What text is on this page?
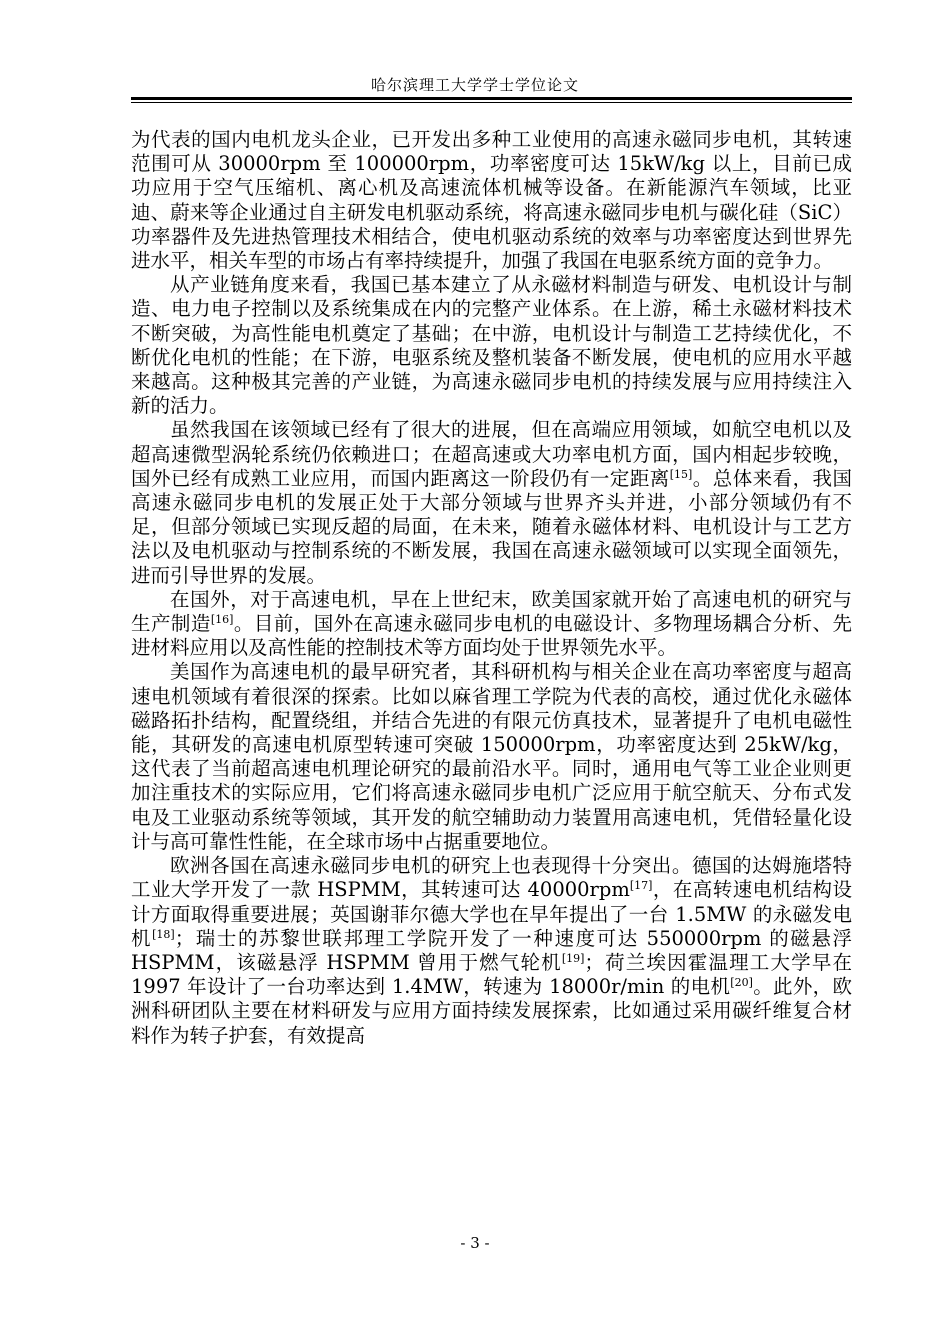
哈尔滨理工大学学士学位论文

为代表的国内电机龙头企业，已开发出多种工业使用的高速永磁同步电机，其转速范围可从 30000rpm 至 100000rpm，功率密度可达 15kW/kg 以上，目前已成功应用于空气压缩机、离心机及高速流体机械等设备。在新能源汽车领域，比亚迪、蔚来等企业通过自主研发电机驱动系统，将高速永磁同步电机与碳化硅（SiC）功率器件及先进热管理技术相结合，使电机驱动系统的效率与功率密度达到世界先进水平，相关车型的市场占有率持续提升，加强了我国在电驱系统方面的竞争力。

从产业链角度来看，我国已基本建立了从永磁材料制造与研发、电机设计与制造、电力电子控制以及系统集成在内的完整产业体系。在上游，稀土永磁材料技术不断突破，为高性能电机奠定了基础；在中游，电机设计与制造工艺持续优化，不断优化电机的性能；在下游，电驱系统及整机装备不断发展，使电机的应用水平越来越高。这种极其完善的产业链，为高速永磁同步电机的持续发展与应用持续注入新的活力。

虽然我国在该领域已经有了很大的进展，但在高端应用领域，如航空电机以及超高速微型涡轮系统仍依赖进口；在超高速或大功率电机方面，国内相起步较晚，国外已经有成熟工业应用，而国内距离这一阶段仍有一定距离[15]。总体来看，我国高速永磁同步电机的发展正处于大部分领域与世界齐头并进，小部分领域仍有不足，但部分领域已实现反超的局面，在未来，随着永磁体材料、电机设计与工艺方法以及电机驱动与控制系统的不断发展，我国在高速永磁领域可以实现全面领先，进而引导世界的发展。

在国外，对于高速电机，早在上世纪末，欧美国家就开始了高速电机的研究与生产制造[16]。目前，国外在高速永磁同步电机的电磁设计、多物理场耦合分析、先进材料应用以及高性能的控制技术等方面均处于世界领先水平。

美国作为高速电机的最早研究者，其科研机构与相关企业在高功率密度与超高速电机领域有着很深的探索。比如以麻省理工学院为代表的高校，通过优化永磁体磁路拓扑结构，配置绕组，并结合先进的有限元仿真技术，显著提升了电机电磁性能，其研发的高速电机原型转速可突破 150000rpm，功率密度达到 25kW/kg，这代表了当前超高速电机理论研究的最前沿水平。同时，通用电气等工业企业则更加注重技术的实际应用，它们将高速永磁同步电机广泛应用于航空航天、分布式发电及工业驱动系统等领域，其开发的航空辅助动力装置用高速电机，凭借轻量化设计与高可靠性性能，在全球市场中占据重要地位。

欧洲各国在高速永磁同步电机的研究上也表现得十分突出。德国的达姆施塔特工业大学开发了一款 HSPMM，其转速可达 40000rpm[17]，在高转速电机结构设计方面取得重要进展；英国谢菲尔德大学也在早年提出了一台 1.5MW 的永磁发电机[18]；瑞士的苏黎世联邦理工学院开发了一种速度可达 550000rpm 的磁悬浮 HSPMM，该磁悬浮 HSPMM 曾用于燃气轮机[19]；荷兰埃因霍温理工大学早在 1997 年设计了一台功率达到 1.4MW，转速为 18000r/min 的电机[20]。此外，欧洲科研团队主要在材料研发与应用方面持续发展探索，比如通过采用碳纤维复合材料作为转子护套，有效提高

- 3 -
